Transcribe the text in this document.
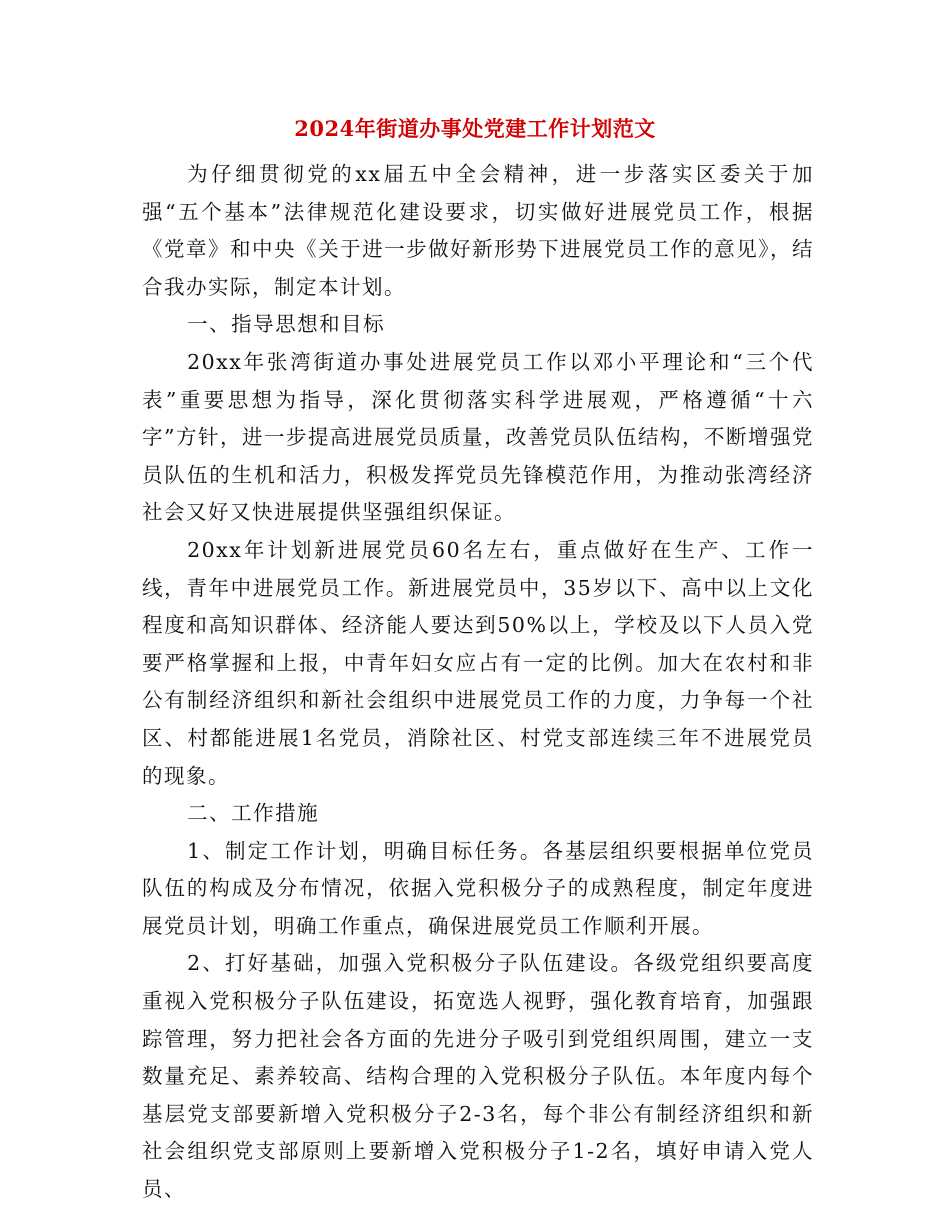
2024年街道办事处党建工作计划范文

为仔细贯彻党的xx届五中全会精神，进一步落实区委关于加强“五个基本”法律规范化建设要求，切实做好进展党员工作，根据《党章》和中央《关于进一步做好新形势下进展党员工作的意见》，结合我办实际，制定本计划。

一、指导思想和目标

20xx年张湾街道办事处进展党员工作以邓小平理论和“三个代表”重要思想为指导，深化贯彻落实科学进展观，严格遵循“十六字”方针，进一步提高进展党员质量，改善党员队伍结构，不断增强党员队伍的生机和活力，积极发挥党员先锋模范作用，为推动张湾经济社会又好又快进展提供坚强组织保证。

20xx年计划新进展党员60名左右，重点做好在生产、工作一线，青年中进展党员工作。新进展党员中，35岁以下、高中以上文化程度和高知识群体、经济能人要达到50%以上，学校及以下人员入党要严格掌握和上报，中青年妇女应占有一定的比例。加大在农村和非公有制经济组织和新社会组织中进展党员工作的力度，力争每一个社区、村都能进展1名党员，消除社区、村党支部连续三年不进展党员的现象。

二、工作措施

1、制定工作计划，明确目标任务。各基层组织要根据单位党员队伍的构成及分布情况，依据入党积极分子的成熟程度，制定年度进展党员计划，明确工作重点，确保进展党员工作顺利开展。

2、打好基础，加强入党积极分子队伍建设。各级党组织要高度重视入党积极分子队伍建设，拓宽选人视野，强化教育培育，加强跟踪管理，努力把社会各方面的先进分子吸引到党组织周围，建立一支数量充足、素养较高、结构合理的入党积极分子队伍。本年度内每个基层党支部要新增入党积极分子2-3名，每个非公有制经济组织和新社会组织党支部原则上要新增入党积极分子1-2名，填好申请入党人员、
